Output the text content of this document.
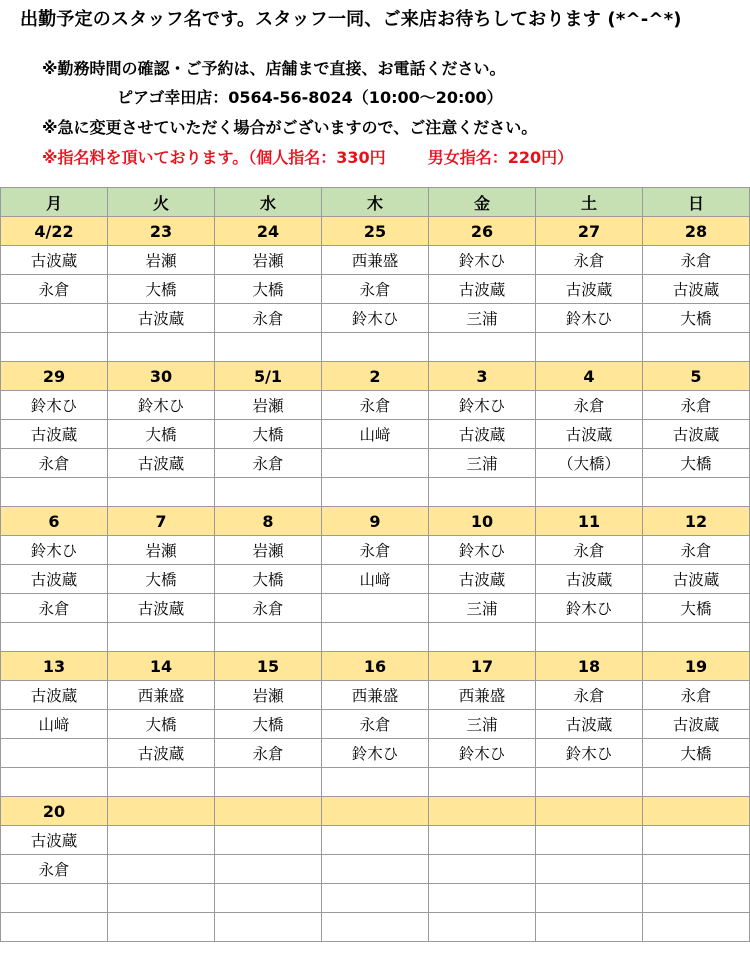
出勤予定のスタッフ名です。スタッフ一同、ご来店お待ちしております (*^-^*)
※勤務時間の確認・ご予約は、店舗まで直接、お電話ください。
ピアゴ幸田店：0564-56-8024（10:00〜20:00）
※急に変更させていただく場合がございますので、ご注意ください。
※指名料を頂いております。（個人指名：330円	男女指名：220円）
月	火	水	木	金	土	日
4/22	23	24	25	26	27	28
古波蔵	岩瀬	岩瀬	西兼盛	鈴木ひ	永倉	永倉
永倉	大橋	大橋	永倉	古波蔵	古波蔵	古波蔵
	古波蔵	永倉	鈴木ひ	三浦	鈴木ひ	大橋

29	30	5/1	2	3	4	5
鈴木ひ	鈴木ひ	岩瀬	永倉	鈴木ひ	永倉	永倉
古波蔵	大橋	大橋	山﨑	古波蔵	古波蔵	古波蔵
永倉	古波蔵	永倉		三浦	（大橋）	大橋

6	7	8	9	10	11	12
鈴木ひ	岩瀬	岩瀬	永倉	鈴木ひ	永倉	永倉
古波蔵	大橋	大橋	山﨑	古波蔵	古波蔵	古波蔵
永倉	古波蔵	永倉		三浦	鈴木ひ	大橋

13	14	15	16	17	18	19
古波蔵	西兼盛	岩瀬	西兼盛	西兼盛	永倉	永倉
山﨑	大橋	大橋	永倉	三浦	古波蔵	古波蔵
	古波蔵	永倉	鈴木ひ	鈴木ひ	鈴木ひ	大橋

20						
古波蔵						
永倉						
